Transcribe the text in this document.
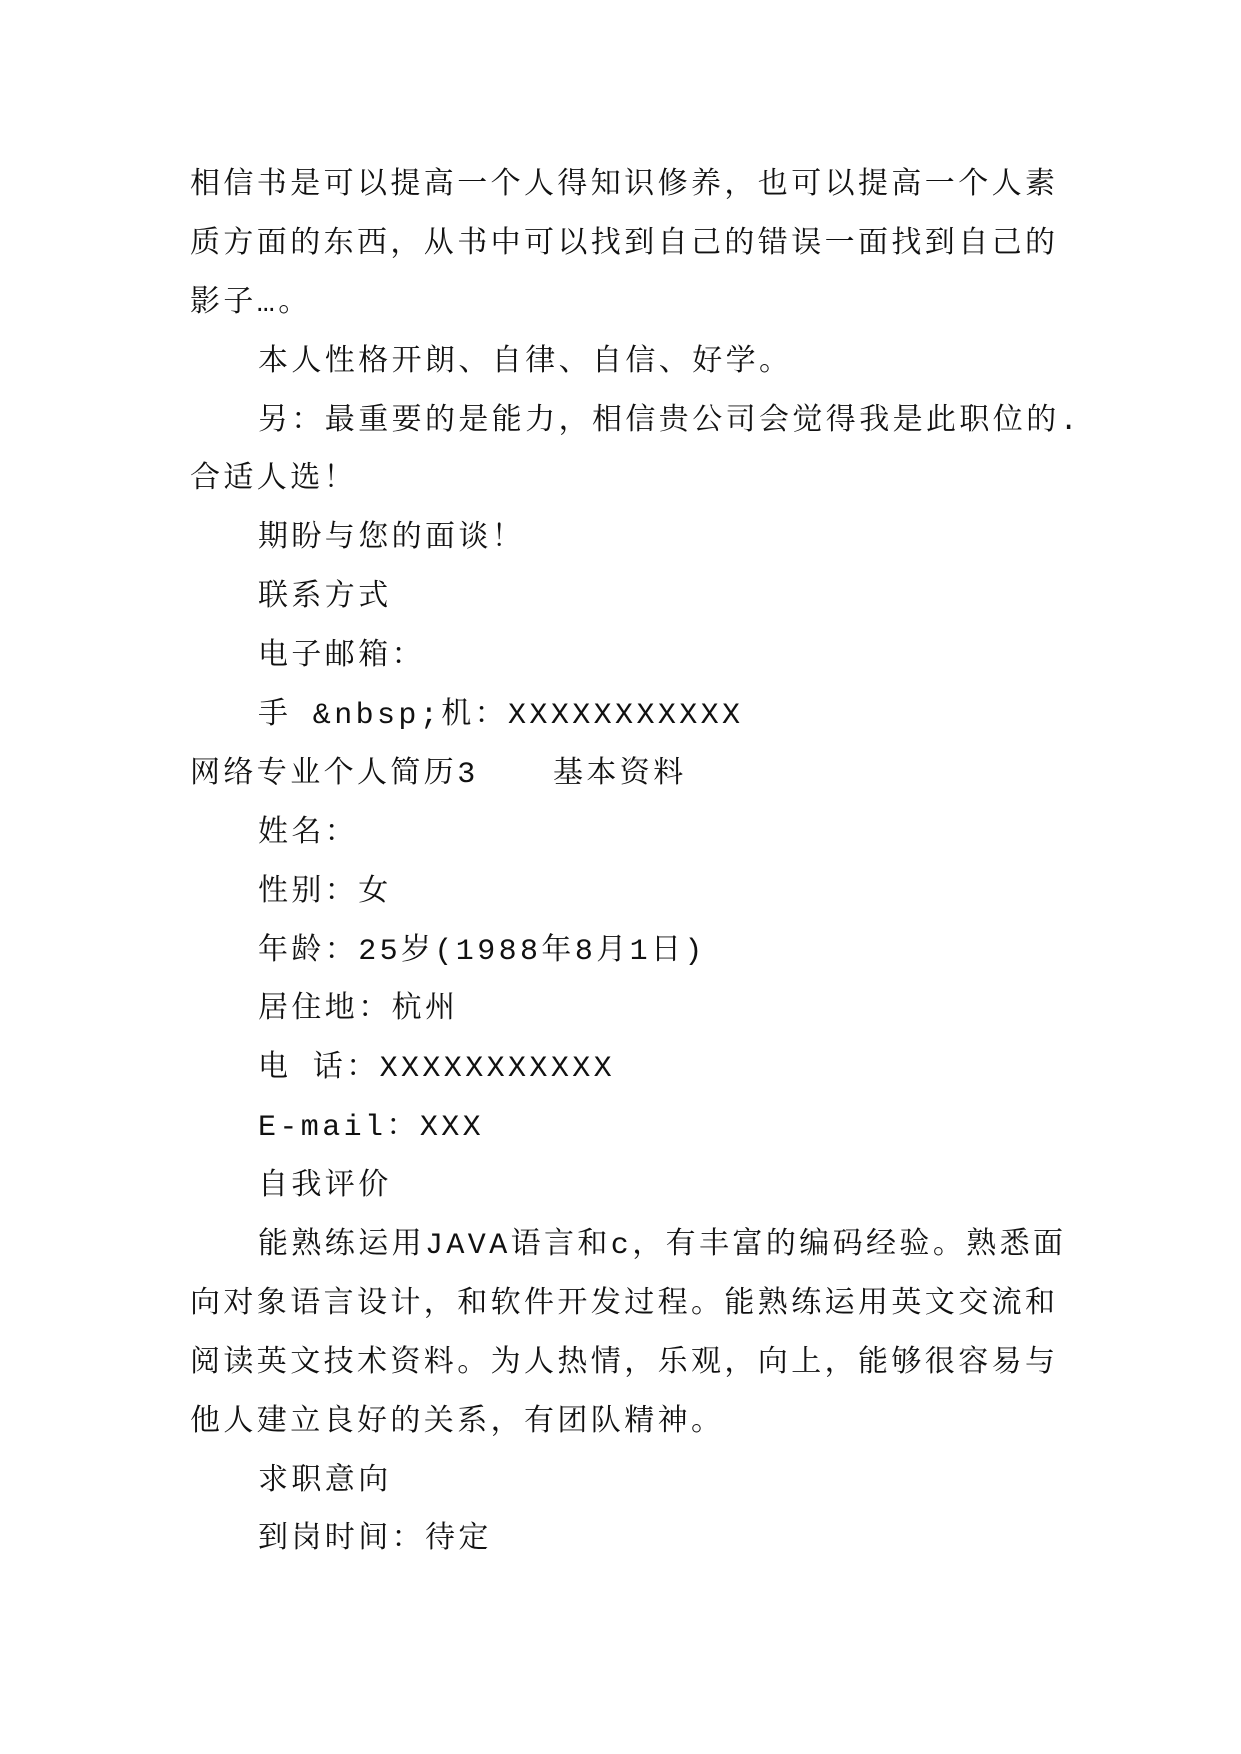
相信书是可以提高一个人得知识修养，也可以提高一个人素
质方面的东西，从书中可以找到自己的错误一面找到自己的
影子…。
本人性格开朗、自律、自信、好学。
另：最重要的是能力，相信贵公司会觉得我是此职位的.
合适人选！
期盼与您的面谈！
联系方式
电子邮箱：
手 &nbsp;机：XXXXXXXXXXX
网络专业个人简历3 基本资料
姓名：
性别：女
年龄：25岁(1988年8月1日)
居住地：杭州
电 话：XXXXXXXXXXX
E-mail：XXX
自我评价
能熟练运用JAVA语言和c，有丰富的编码经验。熟悉面
向对象语言设计，和软件开发过程。能熟练运用英文交流和
阅读英文技术资料。为人热情，乐观，向上，能够很容易与
他人建立良好的关系，有团队精神。
求职意向
到岗时间：待定
